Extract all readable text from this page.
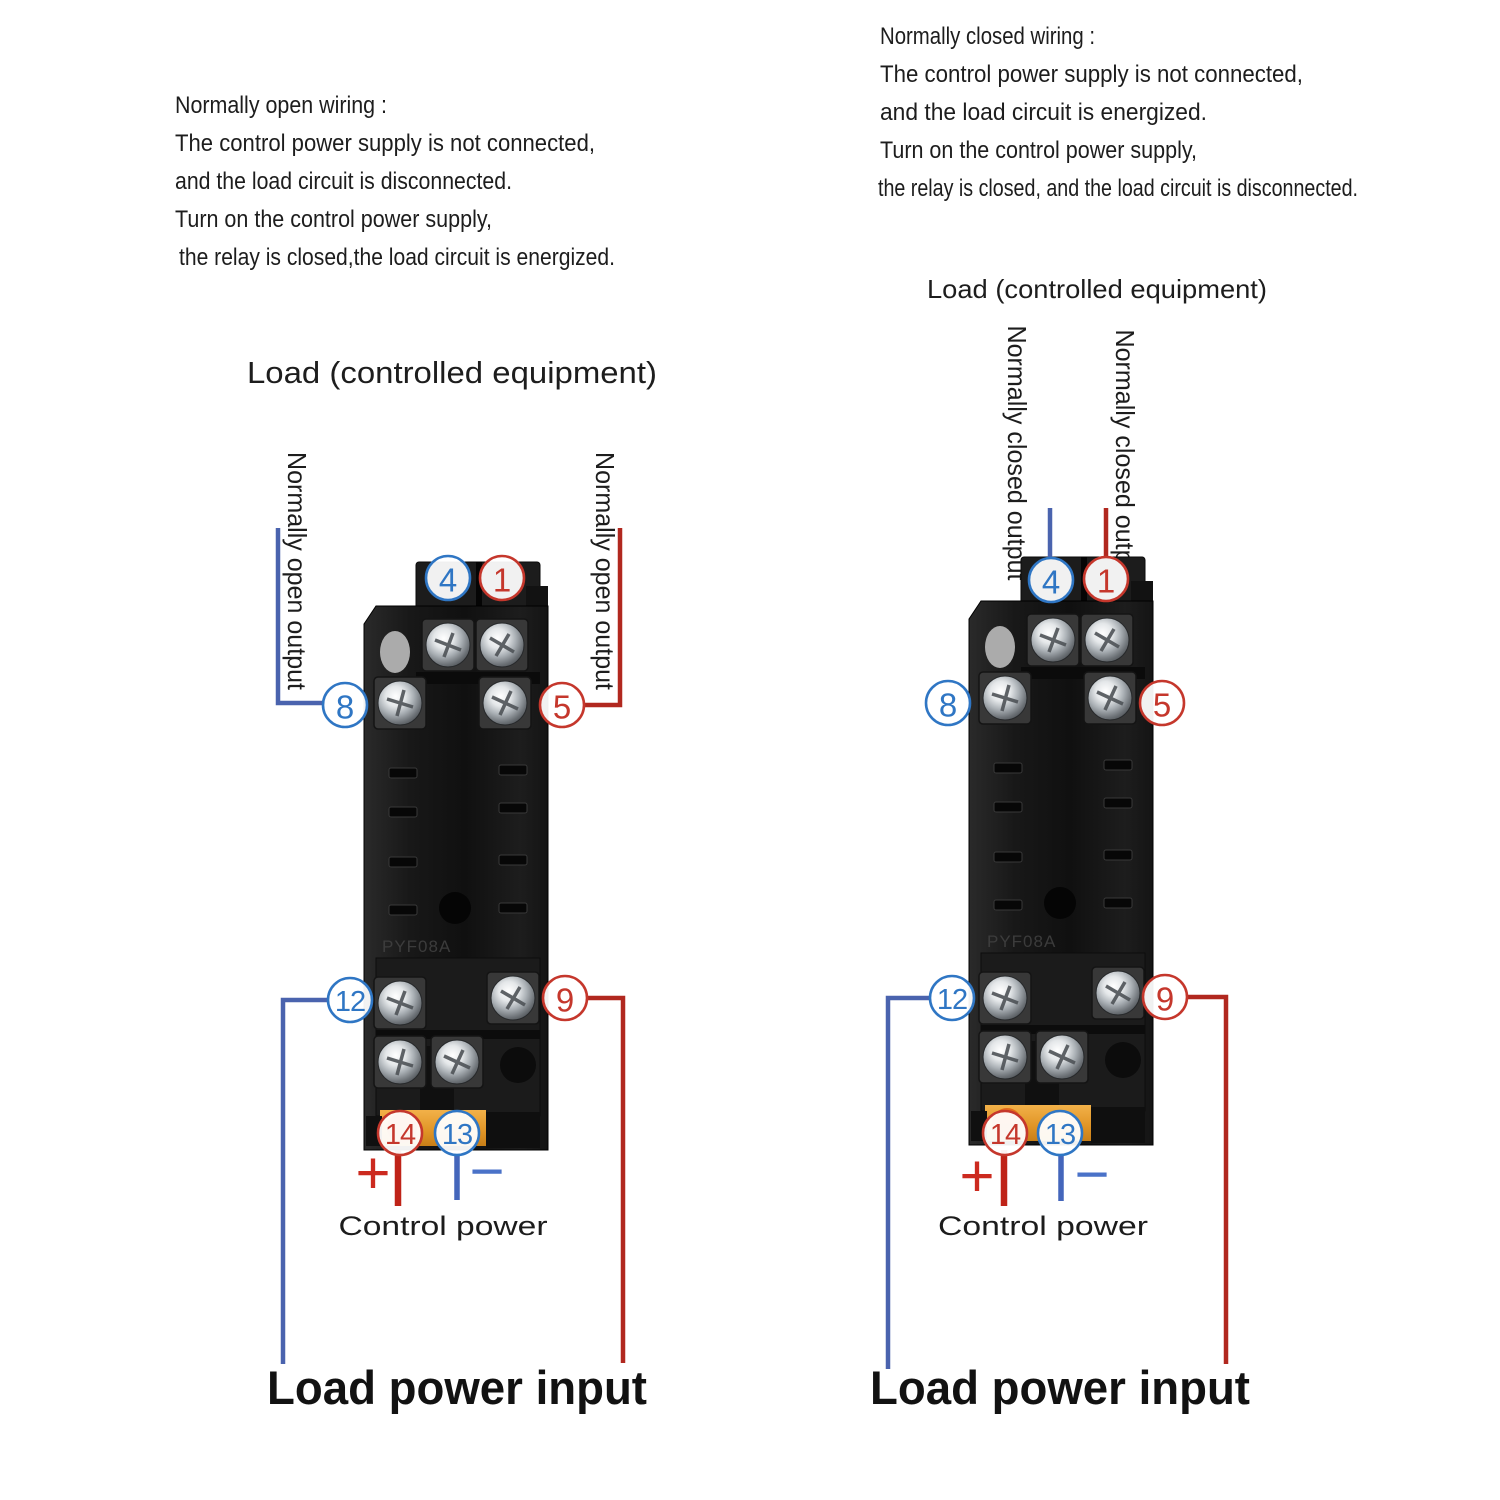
Normally open wiring :
The control power supply is not connected,
and the load circuit is disconnected.
Turn on the control power supply,
the relay is closed,the load circuit is energized.
Load (controlled equipment)
Normally open output	Normally open output
PYF08A
4 1
8	5
12	9
14 13
+ −
Control power
Load power input
Normally closed wiring :
The control power supply is not connected,
and the load circuit is energized.
Turn on the control power supply,
the relay is closed, and the load circuit is disconnected.
Load (controlled equipment)
Normally closed output	Normally closed output
PYF08A
4 1
8	5
12	9
14 13
+ −
Control power
Load power input
